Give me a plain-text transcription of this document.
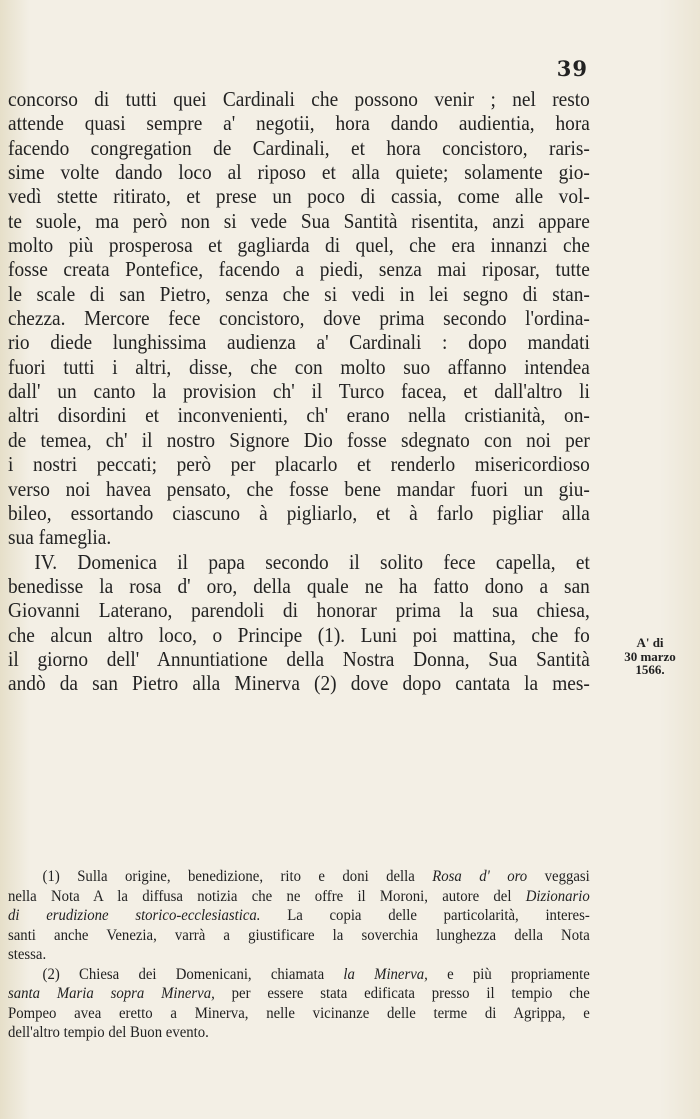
39
concorso di tutti quei Cardinali che possono venir ; nel resto
attende quasi sempre a' negotii, hora dando audientia, hora
facendo congregation de Cardinali, et hora concistoro, raris-
sime volte dando loco al riposo et alla quiete; solamente gio-
vedì stette ritirato, et prese un poco di cassia, come alle vol-
te suole, ma però non si vede Sua Santità risentita, anzi appare
molto più prosperosa et gagliarda di quel, che era innanzi che
fosse creata Pontefice, facendo a piedi, senza mai riposar, tutte
le scale di san Pietro, senza che si vedi in lei segno di stan-
chezza. Mercore fece concistoro, dove prima secondo l'ordina-
rio diede lunghissima audienza a' Cardinali : dopo mandati
fuori tutti i altri, disse, che con molto suo affanno intendea
dall' un canto la provision ch' il Turco facea, et dall'altro li
altri disordini et inconvenienti, ch' erano nella cristianità, on-
de temea, ch' il nostro Signore Dio fosse sdegnato con noi per
i nostri peccati; però per placarlo et renderlo misericordioso
verso noi havea pensato, che fosse bene mandar fuori un giu-
bileo, essortando ciascuno à pigliarlo, et à farlo pigliar alla
sua fameglia.
IV. Domenica il papa secondo il solito fece capella, et
benedisse la rosa d' oro, della quale ne ha fatto dono a san
Giovanni Laterano, parendoli di honorar prima la sua chiesa,
che alcun altro loco, o Principe (1). Luni poi mattina, che fo
il giorno dell' Annuntiatione della Nostra Donna, Sua Santità
andò da san Pietro alla Minerva (2) dove dopo cantata la mes-
A' di
30 marzo
1566.
(1) Sulla origine, benedizione, rito e doni della Rosa d' oro veggasi
nella Nota A la diffusa notizia che ne offre il Moroni, autore del Dizionario
di erudizione storico-ecclesiastica. La copia delle particolarità, interes-
santi anche Venezia, varrà a giustificare la soverchia lunghezza della Nota
stessa.
(2) Chiesa dei Domenicani, chiamata la Minerva, e più propriamente
santa Maria sopra Minerva, per essere stata edificata presso il tempio che
Pompeo avea eretto a Minerva, nelle vicinanze delle terme di Agrippa, e
dell'altro tempio del Buon evento.
